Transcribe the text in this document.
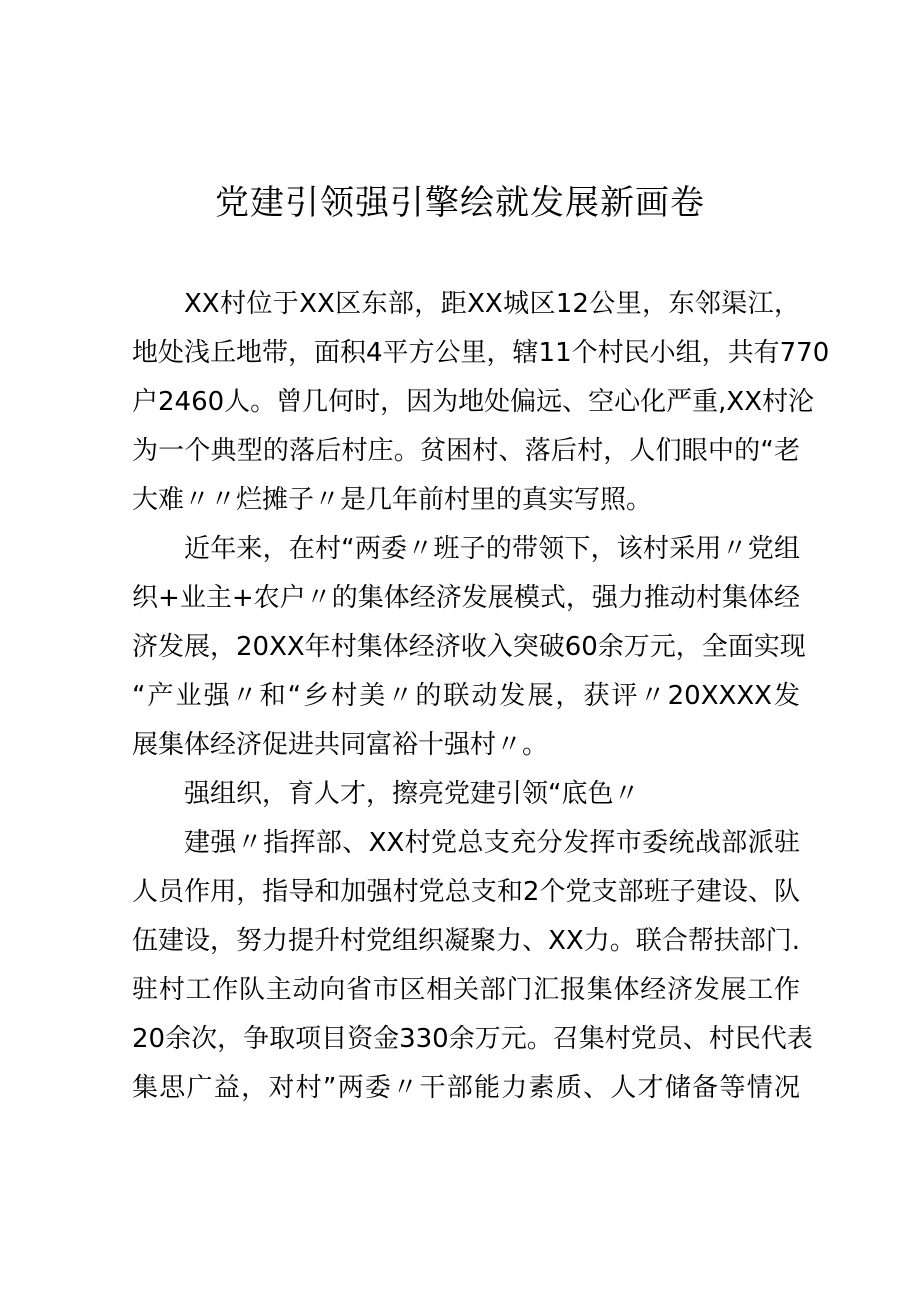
党建引领强引擎绘就发展新画卷
XX村位于XX区东部，距XX城区12公里，东邻渠江，
地处浅丘地带，面积4平方公里，辖11个村民小组，共有770
户2460人。曾几何时，因为地处偏远、空心化严重,XX村沦
为一个典型的落后村庄。贫困村、落后村，人们眼中的“老
大难〃〃烂摊子〃是几年前村里的真实写照。
近年来，在村“两委〃班子的带领下，该村采用〃党组
织+业主+农户〃的集体经济发展模式，强力推动村集体经
济发展，20XX年村集体经济收入突破60余万元，全面实现
“产业强〃和“乡村美〃的联动发展，获评〃20XXXX发
展集体经济促进共同富裕十强村〃。
强组织，育人才，擦亮党建引领“底色〃
建强〃指挥部、XX村党总支充分发挥市委统战部派驻
人员作用，指导和加强村党总支和2个党支部班子建设、队
伍建设，努力提升村党组织凝聚力、XX力。联合帮扶部门.
驻村工作队主动向省市区相关部门汇报集体经济发展工作
20余次，争取项目资金330余万元。召集村党员、村民代表
集思广益，对村”两委〃干部能力素质、人才储备等情况
